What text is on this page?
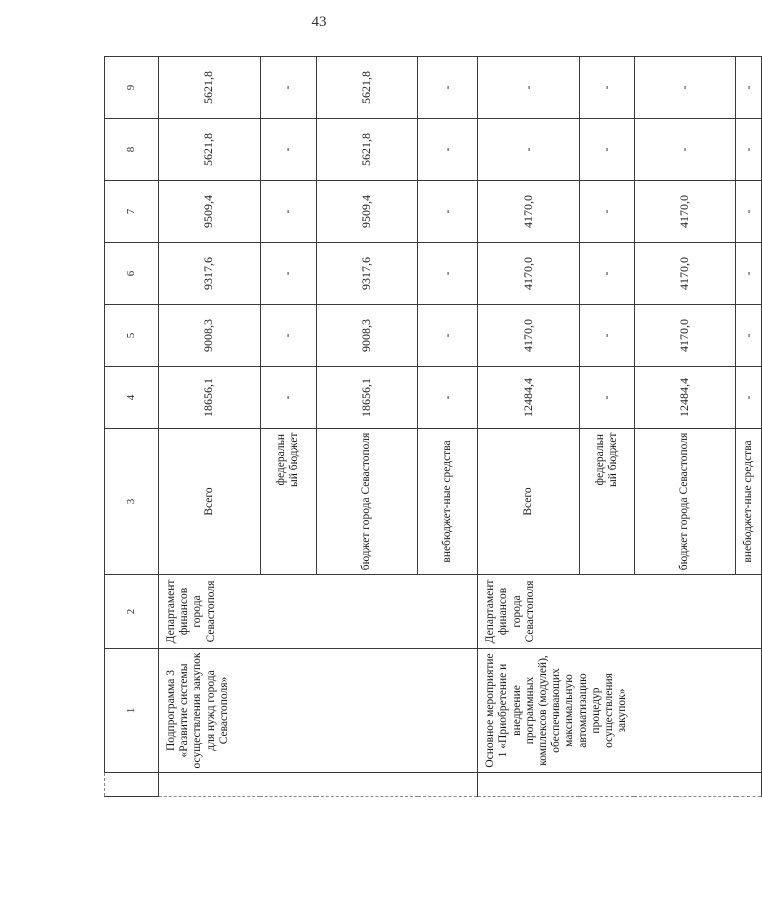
43
	1	2	3		4	5	6	7	8	9	
	Подпрограмма 3 «Развитие системы осуществления закупок для нужд города Севастополя»	Департамент финансов города Севастополя	Всего		18656,1	9008,3	9317,6	9509,4	5621,8	5621,8	
				федеральный бюджет	-	-	-	-	-	-	
			бюджет города Севастополя		18656,1	9008,3	9317,6	9509,4	5621,8	5621,8	
			внебюджет-ные средства		-	-	-	-	-	-	
	Основное мероприятие 1 «Приобретение и внедрение программных комплексов (модулей), обеспечивающих максимальную автоматизацию процедур осуществления закупок»	Департамент финансов города Севастополя	Всего		12484,4	4170,0	4170,0	4170,0	-	-	
				федеральный бюджет	-	-	-	-	-	-	
			бюджет города Севастополя		12484,4	4170,0	4170,0	4170,0	-	-	
			внебюджет-ные средства		-	-	-	-	-	-	
